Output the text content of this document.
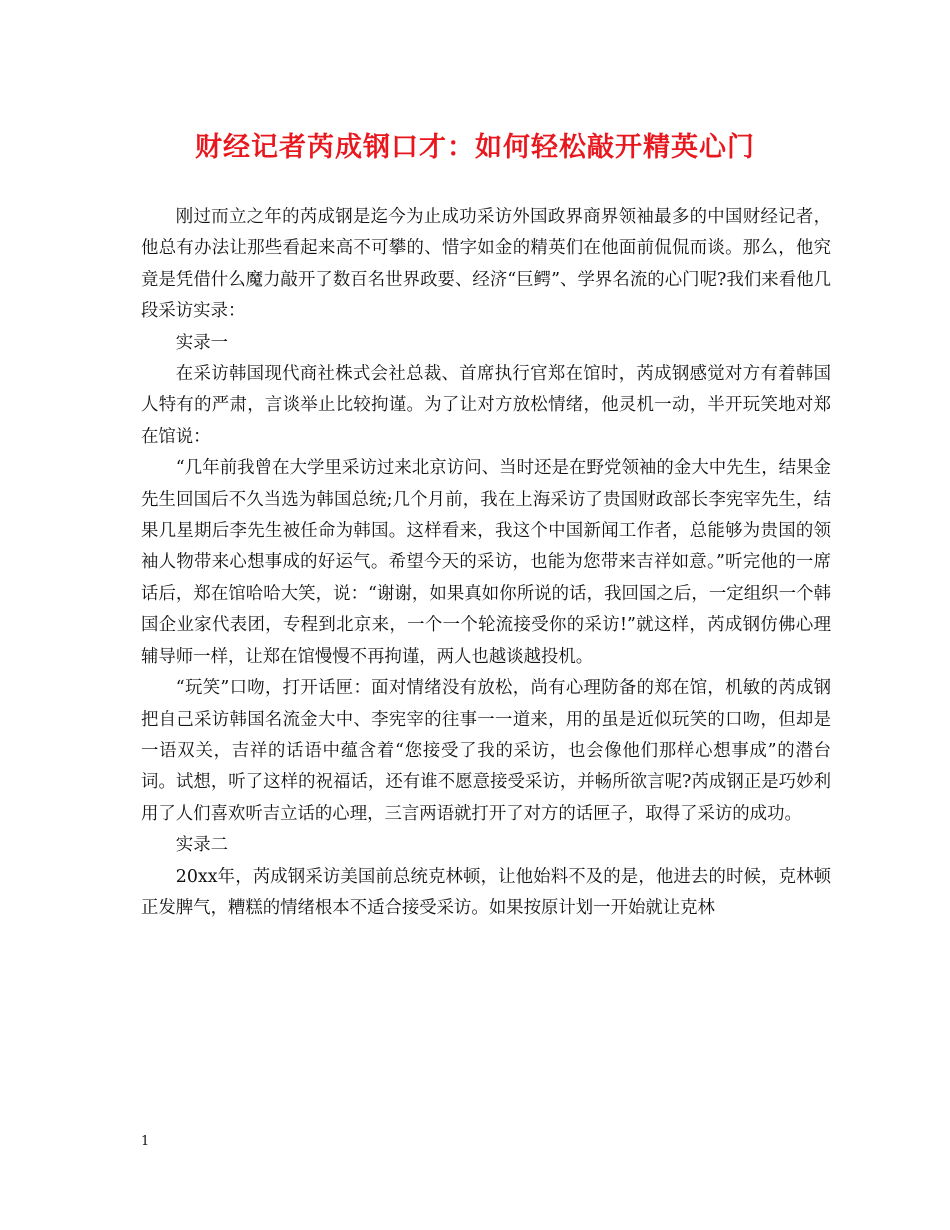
财经记者芮成钢口才：如何轻松敲开精英心门

刚过而立之年的芮成钢是迄今为止成功采访外国政界商界领袖最多的中国财经记者，他总有办法让那些看起来高不可攀的、惜字如金的精英们在他面前侃侃而谈。那么，他究竟是凭借什么魔力敲开了数百名世界政要、经济“巨鳄”、学界名流的心门呢?我们来看他几段采访实录：

实录一

在采访韩国现代商社株式会社总裁、首席执行官郑在馆时，芮成钢感觉对方有着韩国人特有的严肃，言谈举止比较拘谨。为了让对方放松情绪，他灵机一动，半开玩笑地对郑在馆说：

“几年前我曾在大学里采访过来北京访问、当时还是在野党领袖的金大中先生，结果金先生回国后不久当选为韩国总统;几个月前，我在上海采访了贵国财政部长李宪宰先生，结果几星期后李先生被任命为韩国。这样看来，我这个中国新闻工作者，总能够为贵国的领袖人物带来心想事成的好运气。希望今天的采访，也能为您带来吉祥如意。”听完他的一席话后，郑在馆哈哈大笑，说：“谢谢，如果真如你所说的话，我回国之后，一定组织一个韩国企业家代表团，专程到北京来，一个一个轮流接受你的采访!”就这样，芮成钢仿佛心理辅导师一样，让郑在馆慢慢不再拘谨，两人也越谈越投机。

“玩笑”口吻，打开话匣：面对情绪没有放松，尚有心理防备的郑在馆，机敏的芮成钢把自己采访韩国名流金大中、李宪宰的往事一一道来，用的虽是近似玩笑的口吻，但却是一语双关，吉祥的话语中蕴含着“您接受了我的采访，也会像他们那样心想事成”的潜台词。试想，听了这样的祝福话，还有谁不愿意接受采访，并畅所欲言呢?芮成钢正是巧妙利用了人们喜欢听吉立话的心理，三言两语就打开了对方的话匣子，取得了采访的成功。

实录二

20xx年，芮成钢采访美国前总统克林顿，让他始料不及的是，他进去的时候，克林顿正发脾气，糟糕的情绪根本不适合接受采访。如果按原计划一开始就让克林

1
